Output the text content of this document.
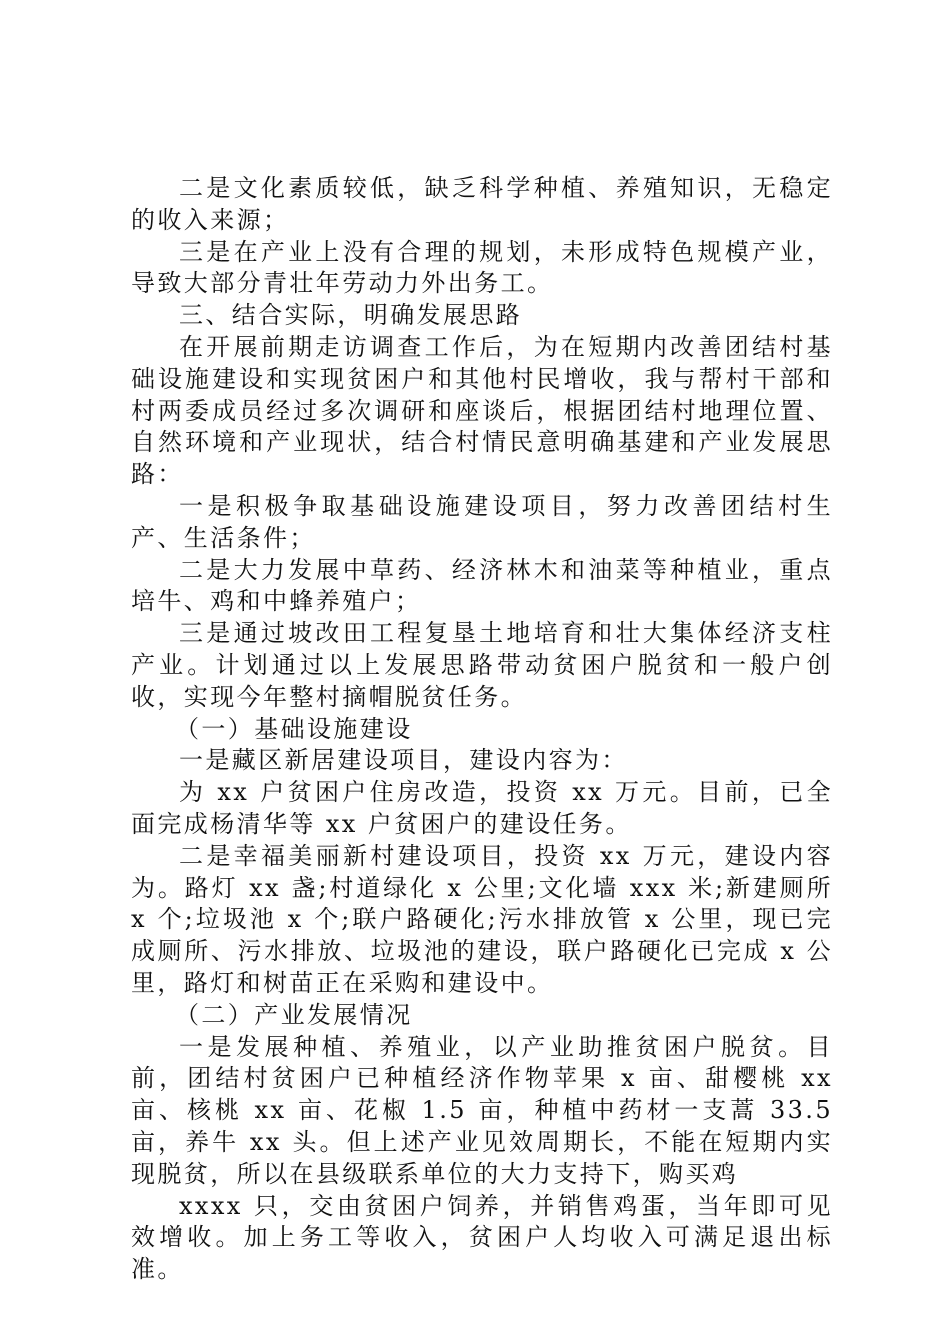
二是文化素质较低，缺乏科学种植、养殖知识，无稳定的收入来源；

三是在产业上没有合理的规划，未形成特色规模产业，导致大部分青壮年劳动力外出务工。

三、结合实际，明确发展思路

在开展前期走访调查工作后，为在短期内改善团结村基础设施建设和实现贫困户和其他村民增收，我与帮村干部和村两委成员经过多次调研和座谈后，根据团结村地理位置、自然环境和产业现状，结合村情民意明确基建和产业发展思路：

一是积极争取基础设施建设项目，努力改善团结村生产、生活条件；

二是大力发展中草药、经济林木和油菜等种植业，重点培牛、鸡和中蜂养殖户；

三是通过坡改田工程复垦土地培育和壮大集体经济支柱产业。计划通过以上发展思路带动贫困户脱贫和一般户创收，实现今年整村摘帽脱贫任务。

（一）基础设施建设

一是藏区新居建设项目，建设内容为：

为 xx 户贫困户住房改造，投资 xx 万元。目前，已全面完成杨清华等 xx 户贫困户的建设任务。

二是幸福美丽新村建设项目，投资 xx 万元，建设内容为。路灯 xx 盏;村道绿化 x 公里;文化墙 xxx 米;新建厕所 x 个;垃圾池 x 个;联户路硬化;污水排放管 x 公里，现已完成厕所、污水排放、垃圾池的建设，联户路硬化已完成 x 公里，路灯和树苗正在采购和建设中。

（二）产业发展情况

一是发展种植、养殖业，以产业助推贫困户脱贫。目前，团结村贫困户已种植经济作物苹果 x 亩、甜樱桃 xx 亩、核桃 xx 亩、花椒 1.5 亩，种植中药材一支蒿 33.5 亩，养牛 xx 头。但上述产业见效周期长，不能在短期内实现脱贫，所以在县级联系单位的大力支持下，购买鸡

xxxx 只，交由贫困户饲养，并销售鸡蛋，当年即可见效增收。加上务工等收入，贫困户人均收入可满足退出标准。
